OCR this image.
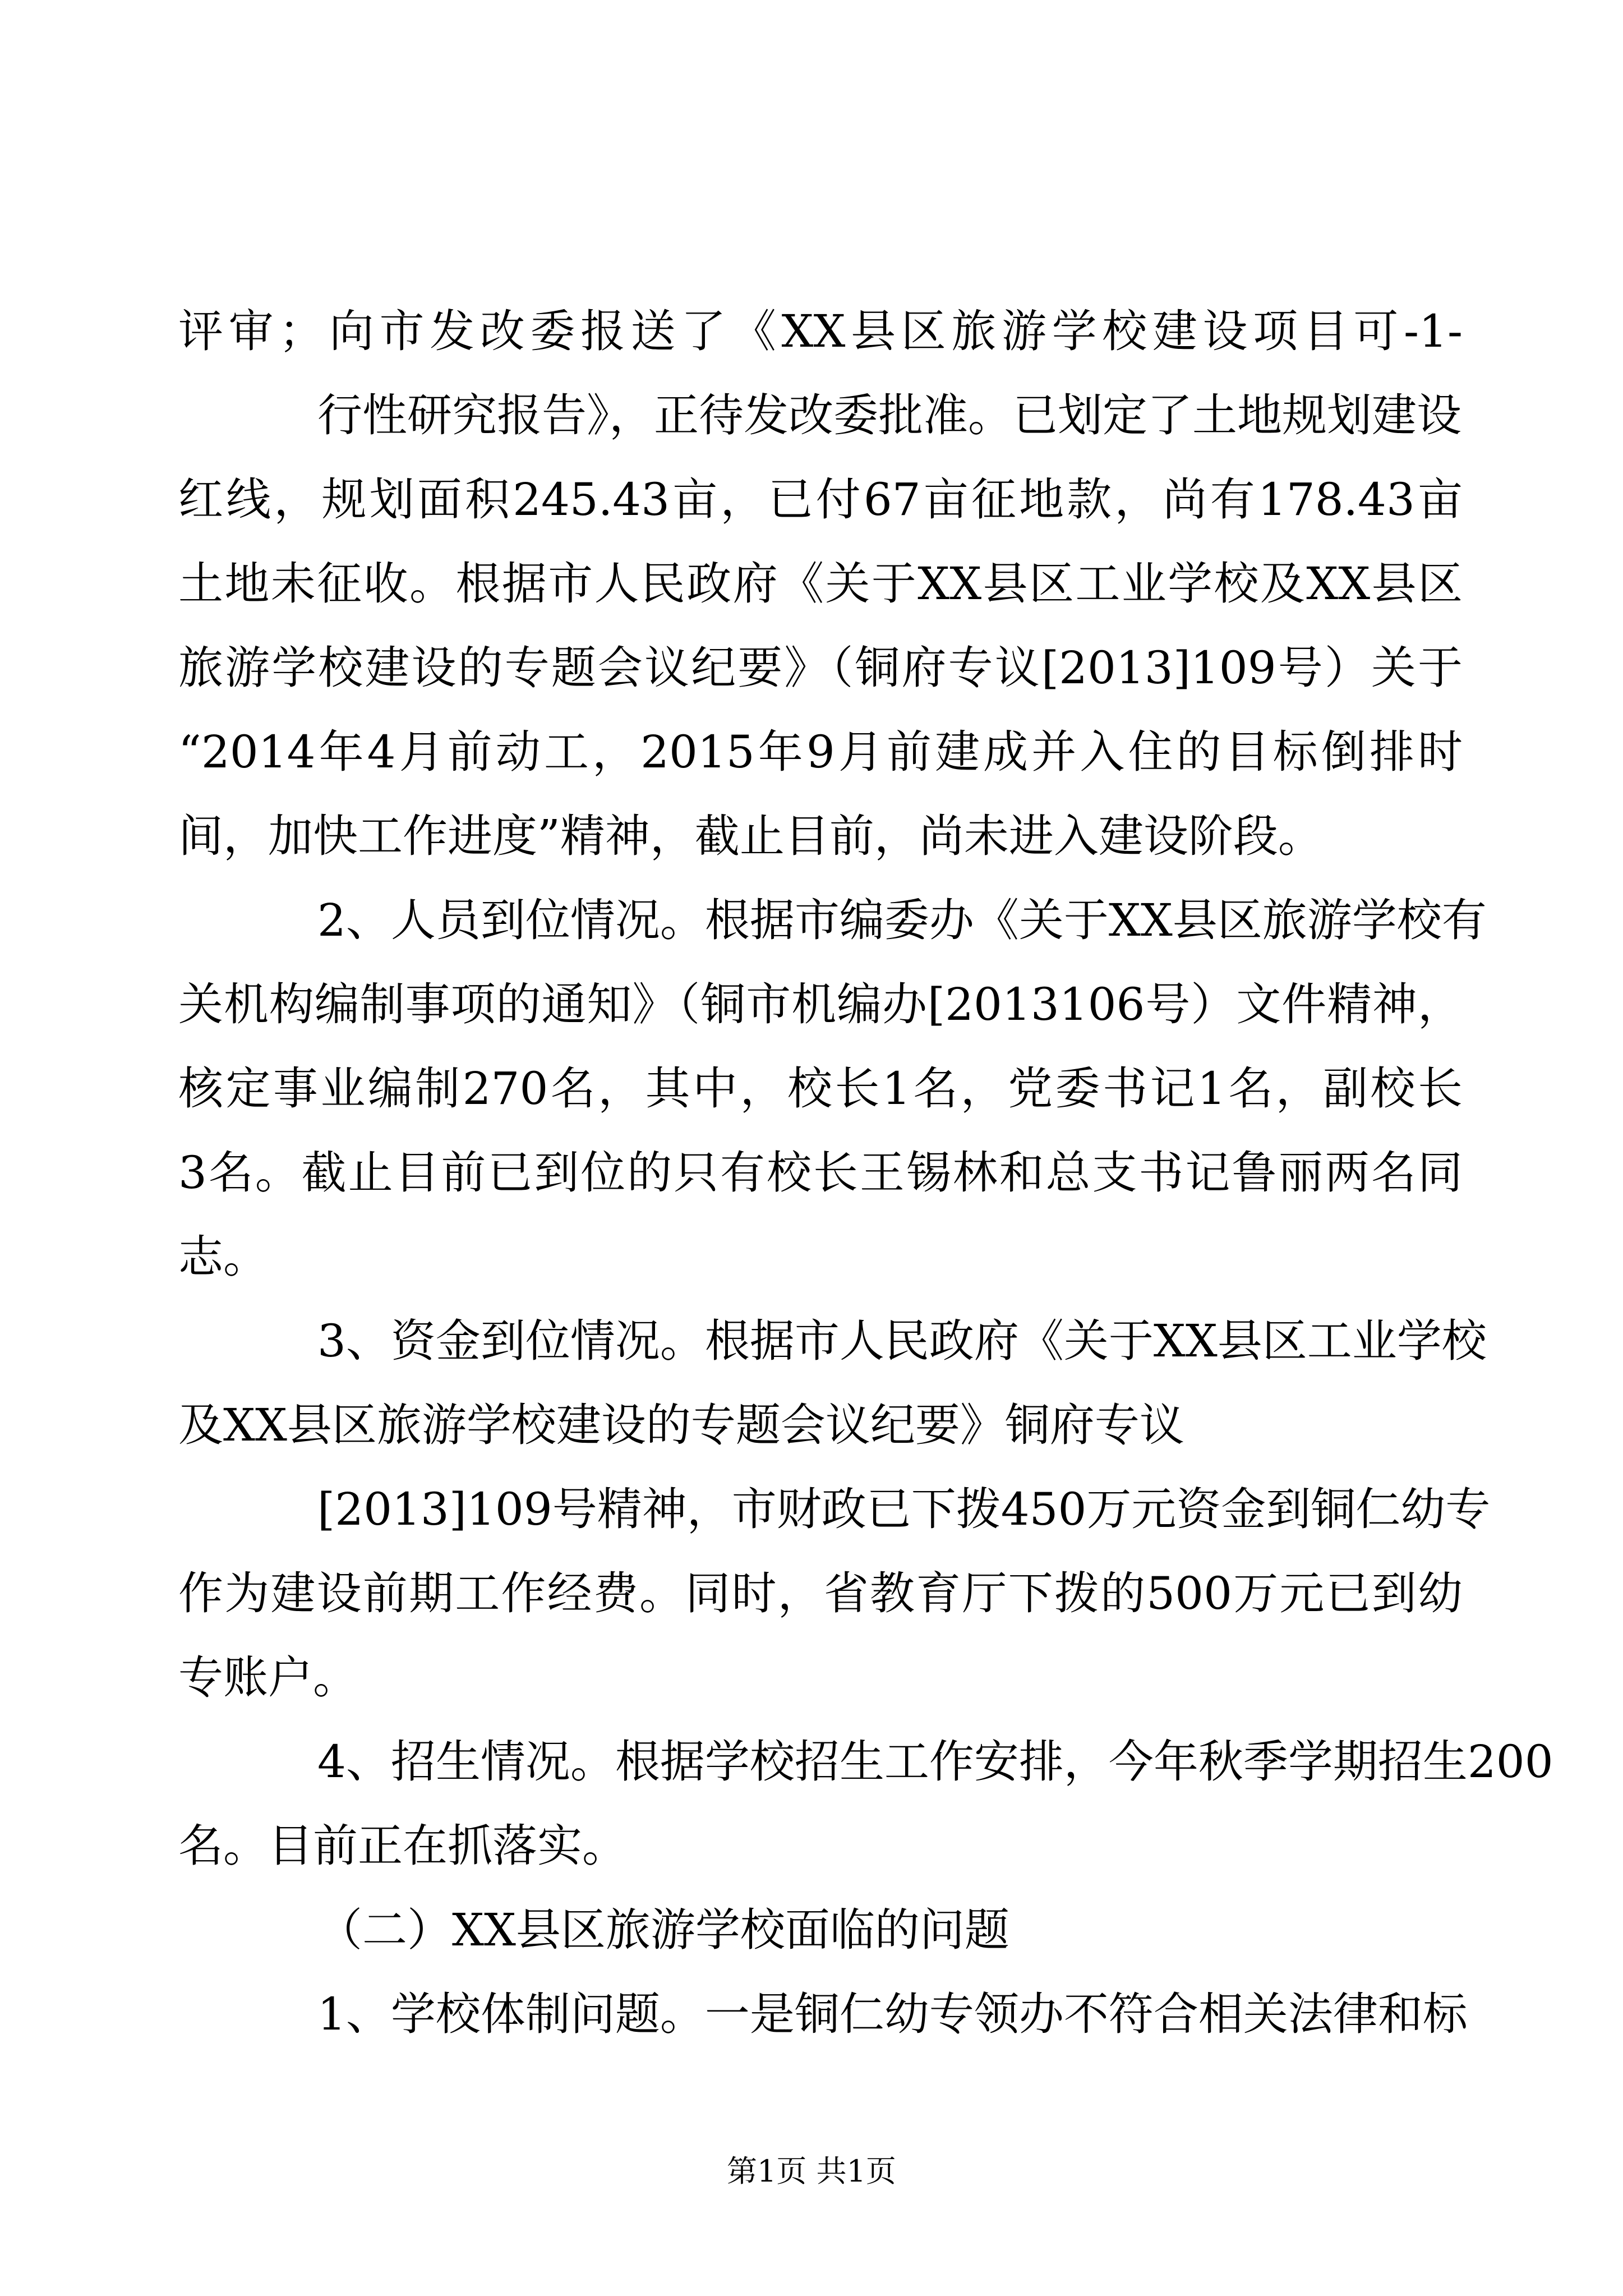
评审；向市发改委报送了《XX县区旅游学校建设项目可-1-
行性研究报告》，正待发改委批准。已划定了土地规划建设
红线，规划面积245.43亩，已付67亩征地款，尚有178.43亩
土地未征收。根据市人民政府《关于XX县区工业学校及XX县区
旅游学校建设的专题会议纪要》（铜府专议[2013]109号）关于
“2014年4月前动工，2015年9月前建成并入住的目标倒排时
间，加快工作进度”精神，截止目前，尚未进入建设阶段。
2、人员到位情况。根据市编委办《关于XX县区旅游学校有
关机构编制事项的通知》（铜市机编办[2013106号）文件精神，
核定事业编制270名，其中，校长1名，党委书记1名，副校长
3名。截止目前已到位的只有校长王锡林和总支书记鲁丽两名同
志。
3、资金到位情况。根据市人民政府《关于XX县区工业学校
及XX县区旅游学校建设的专题会议纪要》铜府专议
[2013]109号精神，市财政已下拨450万元资金到铜仁幼专
作为建设前期工作经费。同时，省教育厅下拨的500万元已到幼
专账户。
4、招生情况。根据学校招生工作安排，今年秋季学期招生200
名。目前正在抓落实。
（二）XX县区旅游学校面临的问题
1、学校体制问题。一是铜仁幼专领办不符合相关法律和标
第1页 共1页
